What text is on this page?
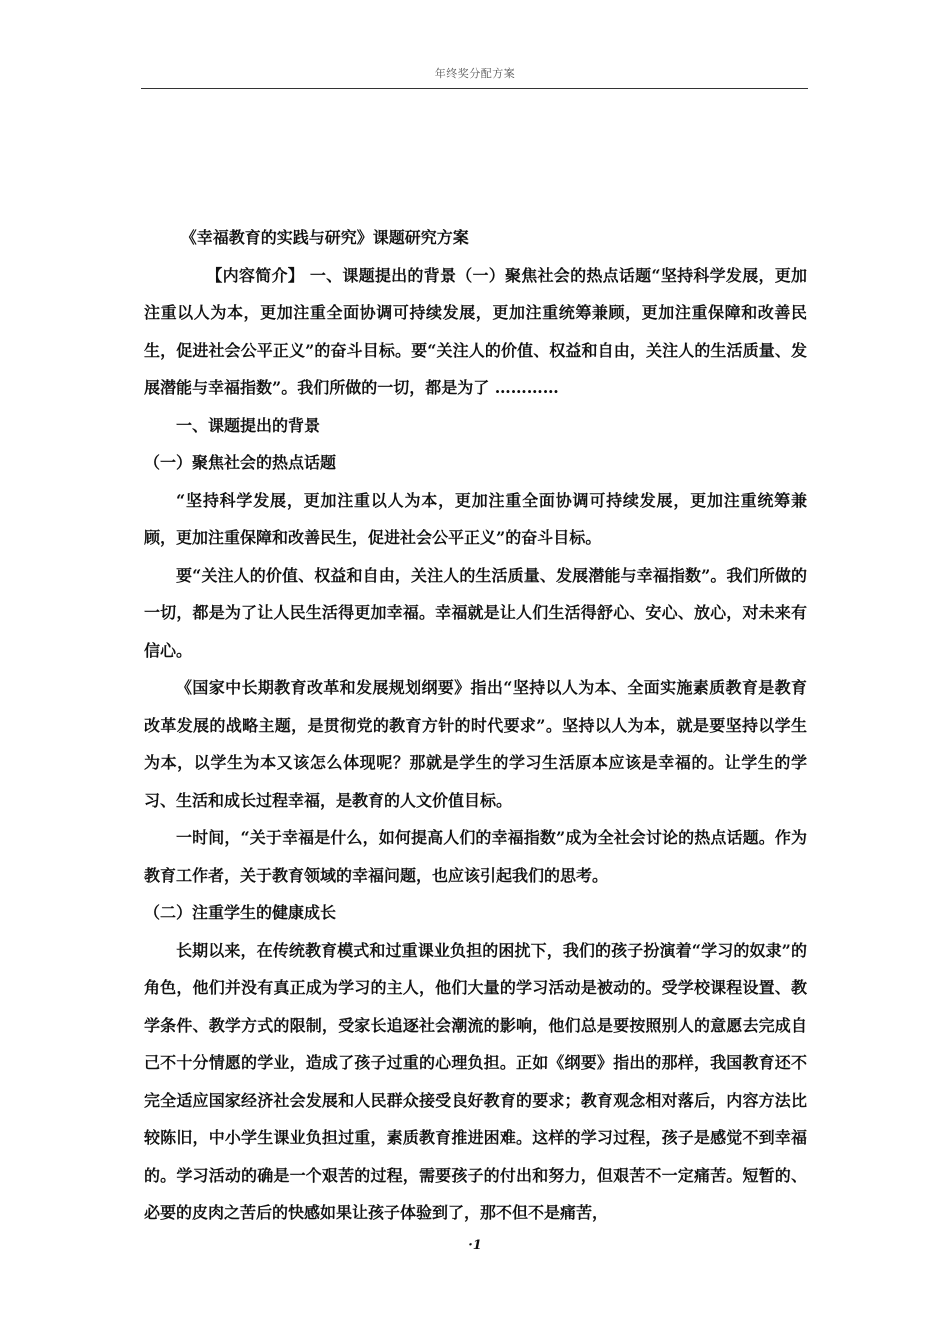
年终奖分配方案

《幸福教育的实践与研究》课题研究方案

【内容简介】 一、课题提出的背景（一）聚焦社会的热点话题“坚持科学发展，更加注重以人为本，更加注重全面协调可持续发展，更加注重统筹兼顾，更加注重保障和改善民生，促进社会公平正义”的奋斗目标。要“关注人的价值、权益和自由，关注人的生活质量、发展潜能与幸福指数”。我们所做的一切，都是为了 …………

一、课题提出的背景

（一）聚焦社会的热点话题

“坚持科学发展，更加注重以人为本，更加注重全面协调可持续发展，更加注重统筹兼顾，更加注重保障和改善民生，促进社会公平正义”的奋斗目标。

要“关注人的价值、权益和自由，关注人的生活质量、发展潜能与幸福指数”。我们所做的一切，都是为了让人民生活得更加幸福。幸福就是让人们生活得舒心、安心、放心，对未来有信心。

《国家中长期教育改革和发展规划纲要》指出“坚持以人为本、全面实施素质教育是教育改革发展的战略主题，是贯彻党的教育方针的时代要求”。坚持以人为本，就是要坚持以学生为本，以学生为本又该怎么体现呢？那就是学生的学习生活原本应该是幸福的。让学生的学习、生活和成长过程幸福，是教育的人文价值目标。

一时间，“关于幸福是什么，如何提高人们的幸福指数”成为全社会讨论的热点话题。作为教育工作者，关于教育领域的幸福问题，也应该引起我们的思考。

（二）注重学生的健康成长

长期以来，在传统教育模式和过重课业负担的困扰下，我们的孩子扮演着“学习的奴隶”的角色，他们并没有真正成为学习的主人，他们大量的学习活动是被动的。受学校课程设置、教学条件、教学方式的限制，受家长追逐社会潮流的影响，他们总是要按照别人的意愿去完成自己不十分情愿的学业，造成了孩子过重的心理负担。正如《纲要》指出的那样，我国教育还不完全适应国家经济社会发展和人民群众接受良好教育的要求；教育观念相对落后，内容方法比较陈旧，中小学生课业负担过重，素质教育推进困难。这样的学习过程，孩子是感觉不到幸福的。学习活动的确是一个艰苦的过程，需要孩子的付出和努力，但艰苦不一定痛苦。短暂的、必要的皮肉之苦后的快感如果让孩子体验到了，那不但不是痛苦，

·1
